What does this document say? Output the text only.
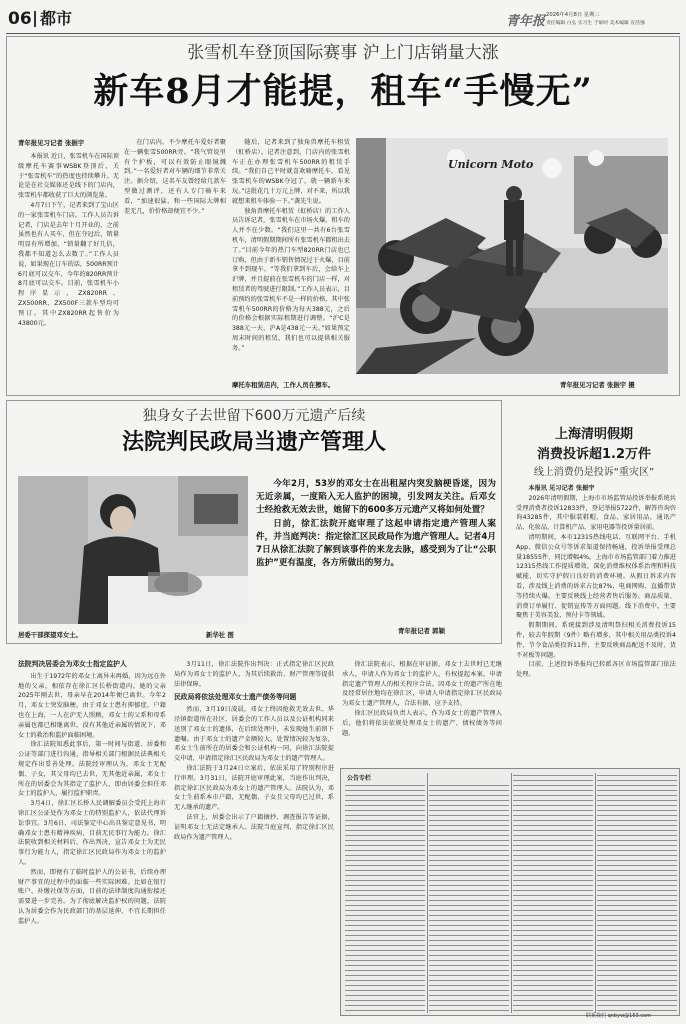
06 都市	青年报 2026年4月8日 星期三
责任编辑 白弘 实习生 于硕时 美术编辑 宣浩强
张雪机车登顶国际赛事 沪上门店销量大涨
新车8月才能提，租车“手慢无”
青年报见习记者 张振宇

本报讯 近日，张雪机车在国际顶级摩托车赛事WSBK登顶后，关于“张雪机车”的热度也持续攀升。无论是在社交媒体还是线下的门店内，张雪机车都收获了巨大的浏览量。

4月7日下午，记者来到了宝山区的一家张雪机车门店。工作人员告诉记者，门店是去年十月开业的，之前虽然也有人买车，但在夺冠后，销量明显有所增加，“销量翻了好几倍，我都不知道怎么去数了。”工作人员说，如果现在订车的话，500RR预计6月底可以交车，今年的820RR预计8月底可以交车。目前，张雪机车小程序显示，ZX820RR、ZX500RR、ZX500F三款车型均可预订。其中ZX820RR起售价为43800元。

在门店内，不少摩托车爱好者聚在一辆张雪500RR旁。“我气管说里有个护板，可以有效防止眼镜溅到。”一名爱好者对车辆的细节非常关注。据介绍，这名车友曾经给几款车型做过测评，还有人专门骑车来看，“加速很猛，和一些国际大牌相差无几，价价格却便宜不少。”

随后，记者来到了独角兽摩托车租赁（虹桥店）。记者注意到，门店内的张雪机车正在办理张雪机车500RR的租赁手续。“我们自己平时就喜欢骑摩托车，看见张雪机车的WSBK夺冠了，就一辆新车来玩。”这批花几十万元上牌，对不来，所以我就想来租车体验一下。”龚先生说。

独角兽摩托车租赁（虹桥店）的工作人员告诉记者，张雪机车在市场火爆，租车的人并不在少数。“我们这里一共有6台张雪机车，清明假期期间所有张雪机车都租出去了。”目前今年的热门车型820RR门店也已订购，但由于新车销售情况过于火爆，目前拿不到现车。“等我们拿到车后，会给车上沪牌，并且提前在张雪机车的门店一样，对租赁者的驾驶进行限制。”工作人员表示，目前预约的张雪机车不是一样的价格，其中张雪机车500RR的价格为每天388元，之后的价格会根据实际租期进行调整。“沪C是388元一天，沪A是438元一天。”如果预定周末时间的租赁，我们也可以提供相关服务。”

Unicorn Moto
摩托车租赁店内，工作人员在擦车。	青年报见习记者 张振宇 摄
独身女子去世留下600万元遗产后续
法院判民政局当遗产管理人
居委干部探望邓女士。	新华社 图

今年2月，53岁的邓女士在出租屋内突发脑梗昏迷，因为无近亲属，一度陷入无人监护的困境，引发网友关注。后邓女士经抢救无效去世，她留下的600多万元遗产又将如何处置？

日前，徐汇法院开庭审理了这起申请指定遗产管理人案件，并当庭判决：指定徐汇区民政局作为遗产管理人。记者4月7日从徐汇法院了解到该事件的来龙去脉，感受到为了让“公职监护”更有温度，各方所做出的努力。

青年报记者 郭颖

法院判决居委会为邓女士指定监护人

出生于1972年的邓女士离异未再婚，因为远在外地的父亲，相依存在徐汇区长桥街道内。她的父亲2025年刚去世，母亲早在2014年便已离世。今年2月，邓女士突发脑梗，由于邓女士患有抑郁症，户籍也在上海，一人在沪无人照顾，邓女士的父系和母系亲属也都已相继离世，没有其他近亲属的情况下，邓女士的救治和监护面临困境。

徐汇法院知悉此事后，第一时间与街道、居委和公证等部门进行沟通，指导相关部门根据民法典相关规定作出妥善处理。法院经审理认为，邓女士无配偶、子女，其父母均已去世，无其他近亲属，邓女士所在的居委会为其指定了监护人，即由居委会担任邓女士的监护人，履行监护职责。

3月4日，徐汇区长桥人民调解委员会受托上海市徐汇区公证处作为邓女士的特别监护人，依法代理诉讼事宜。3月6日，司法鉴定中心出具鉴定意见书，明确邓女士患有精神疾病，目前无民事行为能力。徐汇法院收到相关材料后，作出判决，宣告邓女士为无民事行为能力人，指定徐汇区民政局作为邓女士的监护人。

然而，即便有了临时监护人的公证书，后续办理财产事宜的过程中仍面临一些实际困难。比如在银行账户、补缴社保等方面，目前的法律制度沟通衔接还需要进一步完善。为了彻底解决监护权的问题，法院认为居委会作为民政部门的基层延伸，不宜长期担任监护人。

3月11日，徐汇法院作出判决：正式指定徐汇区民政局作为邓女士的监护人，为其后续救治、财产管理等提供法律保障。

民政局将依法处理邓女士遗产债务等问题

然而，3月19日凌晨，邓女士终因抢救无效去世。华泾镇街道所在社区、居委会的工作人员以及公证机构同来送别了邓女士的遗体，在后续处理中，未发现她生前留下遗嘱。由于邓女士的遗产金额较大，处置情况较为复杂，邓女士生前所在的居委会和公证机构一同，向徐汇法院提交申请，申请指定徐汇区民政局为邓女士的遗产管理人。

徐汇法院于3月24日立案后，依法采用了特别程序进行审理。3月31日，法院开庭审理此案，当庭作出判决，指定徐汇区民政局为邓女士的遗产管理人。法院认为，邓女士生前系本市户籍，无配偶、子女且父母均已过世，系无人继承的遗产。

法官上，居委会出示了户籍摘抄、调查报告等证据，证明邓女士无法定继承人。法院当庭宣判，指定徐汇区民政局作为遗产管理人。

徐汇法院表示，根据在审证据，邓女士去世时已无继承人，申请人作为邓女士的监护人，有权提起本案，申请指定遗产管理人的相关程序合法。因邓女士的遗产所在地及经常居住地均在徐汇区，申请人申请指定徐汇区民政局为邓女士遗产管理人，合法有据，应予支持。

徐汇区民政局负责人表示，作为邓女士的遗产管理人后，他们将依法依规处理邓女士的遗产、债权债务等问题。

上海清明假期
消费投诉超1.2万件
线上消费仍是投诉“重灾区”

本报讯 见习记者 张振宇

2026年清明假期，上海市市场监管局投诉举报系统共受理消费者投诉12833件，登记举报5722件，解答咨询咨询43285件，其中服装鞋帽、食品、家居用品、通讯产品、化妆品、计算机产品、家用电器等投诉量居前。

清明期间，本市12315热线电话、互联网平台、手机App、微信公众号等诉求渠道保持畅通，投诉举报受理总量18555件，同比增幅4%。上海市市场监管部门着力推进12315热线工作提质增效，深化消费维权体系治理和科技赋能，切实守护假日良好的消费环境。从假日诉求内容看，涉及线上消费的诉求占比87%，电商网购、直播带货等持续火爆，主要反映线上经营者售后服务、商品质量、消费订单履行、促销宣传等方面问题。线下消费中，主要聚焦于美容美发、预付卡等领域。

假期期间，系统接到涉及清明祭扫相关消费投诉15件，较去年假期（9件）略有增多，其中相关用品类投诉4件、节令食品类投诉11件，主要反映商品配送不及时、货不对板等问题。

目前，上述投诉举报均已转派各区市场监管部门依法处理。

公告专栏
联系我们 qnbyw@163.com
